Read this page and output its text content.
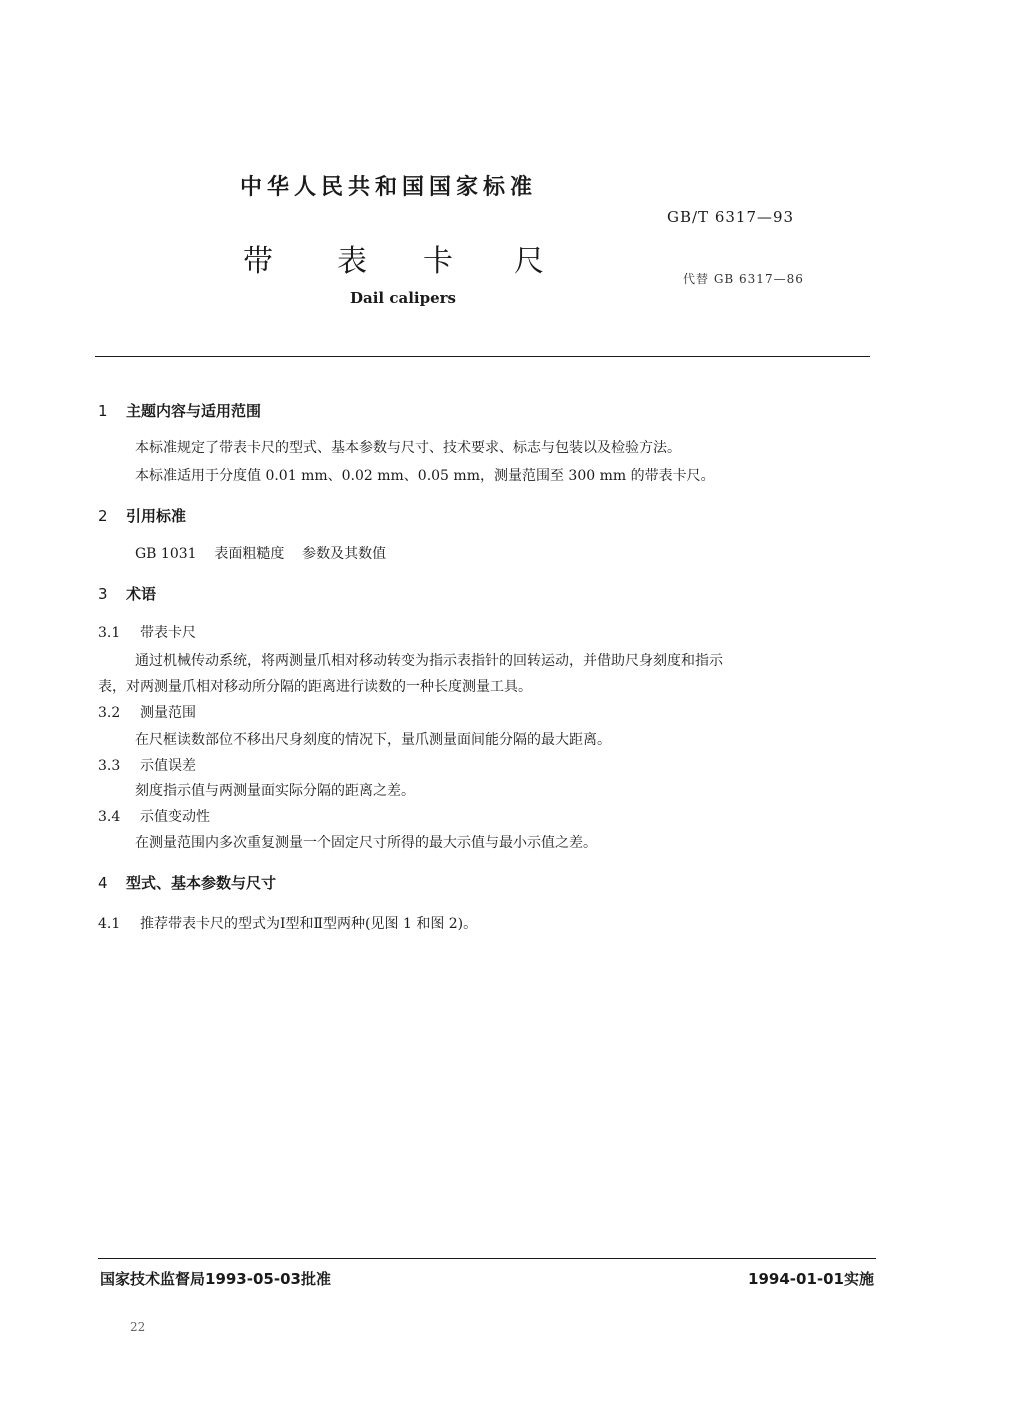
中华人民共和国国家标准
带 表 卡 尺
Dail calipers
GB/T 6317—93
代替 GB 6317—86
1 主题内容与适用范围
本标准规定了带表卡尺的型式、基本参数与尺寸、技术要求、标志与包装以及检验方法。
本标准适用于分度值 0.01 mm、0.02 mm、0.05 mm，测量范围至 300 mm 的带表卡尺。
2 引用标准
GB 1031    表面粗糙度    参数及其数值
3 术语
3.1 带表卡尺
通过机械传动系统，将两测量爪相对移动转变为指示表指针的回转运动，并借助尺身刻度和指示
表，对两测量爪相对移动所分隔的距离进行读数的一种长度测量工具。
3.2 测量范围
在尺框读数部位不移出尺身刻度的情况下，量爪测量面间能分隔的最大距离。
3.3 示值误差
刻度指示值与两测量面实际分隔的距离之差。
3.4 示值变动性
在测量范围内多次重复测量一个固定尺寸所得的最大示值与最小示值之差。
4 型式、基本参数与尺寸
4.1 推荐带表卡尺的型式为Ⅰ型和Ⅱ型两种(见图 1 和图 2)。
国家技术监督局1993-05-03批准	1994-01-01实施
22
